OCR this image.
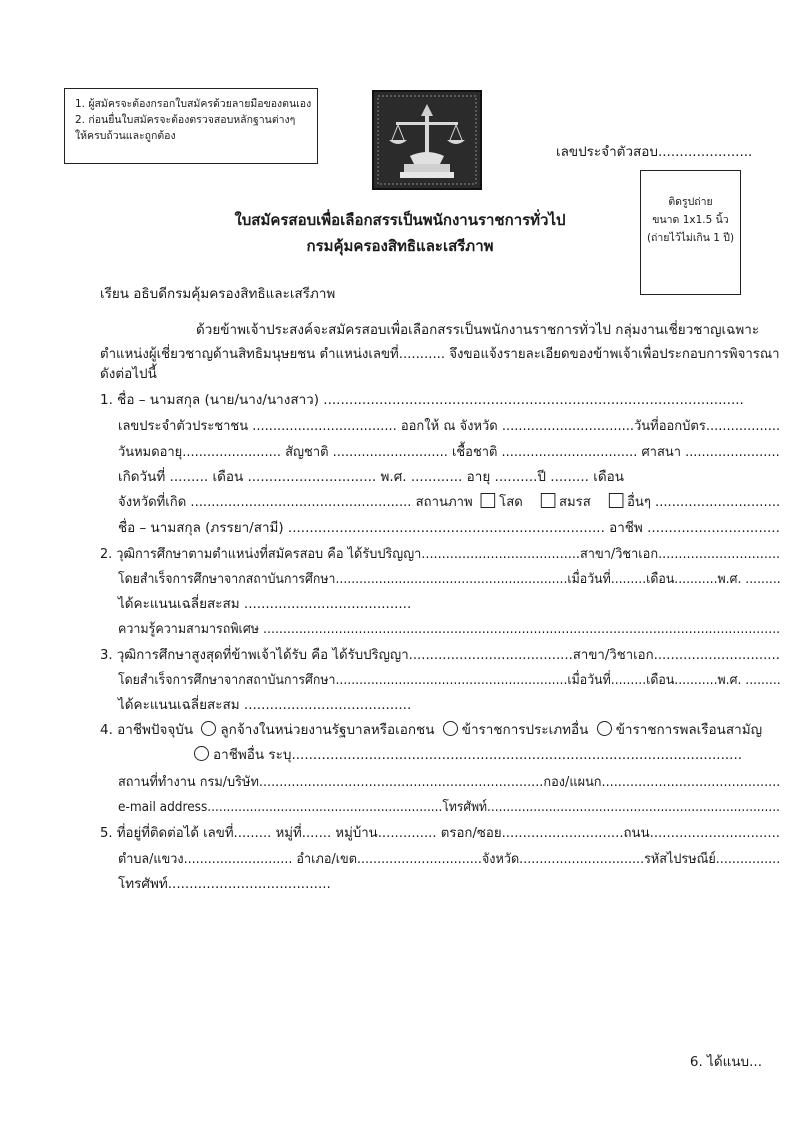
1. ผู้สมัครจะต้องกรอกใบสมัครด้วยลายมือของตนเอง
2. ก่อนยื่นใบสมัครจะต้องตรวจสอบหลักฐานต่างๆ
ให้ครบถ้วนและถูกต้อง
เลขประจำตัวสอบ......................
ติดรูปถ่าย
ขนาด 1x1.5 นิ้ว
(ถ่ายไว้ไม่เกิน 1 ปี)
ใบสมัครสอบเพื่อเลือกสรรเป็นพนักงานราชการทั่วไป
กรมคุ้มครองสิทธิและเสรีภาพ
เรียน อธิบดีกรมคุ้มครองสิทธิและเสรีภาพ
ด้วยข้าพเจ้าประสงค์จะสมัครสอบเพื่อเลือกสรรเป็นพนักงานราชการทั่วไป กลุ่มงานเชี่ยวชาญเฉพาะ
ตำแหน่งผู้เชี่ยวชาญด้านสิทธิมนุษยชน ตำแหน่งเลขที่........... จึงขอแจ้งรายละเอียดของข้าพเจ้าเพื่อประกอบการพิจารณา
ดังต่อไปนี้
1. ชื่อ – นามสกุล (นาย/นาง/นางสาว) ..................................................................................................
เลขประจำตัวประชาชน ................................... ออกให้ ณ จังหวัด ................................วันที่ออกบัตร..................
วันหมดอายุ........................ สัญชาติ ............................ เชื้อชาติ ................................. ศาสนา .......................
เกิดวันที่ ......... เดือน .............................. พ.ศ. ............ อายุ ..........ปี ......... เดือน
จังหวัดที่เกิด ..................................................... สถานภาพ โสด	สมรส	อื่นๆ ..............................
ชื่อ – นามสกุล (ภรรยา/สามี) .......................................................................... อาชีพ ...............................
2. วุฒิการศึกษาตามตำแหน่งที่สมัครสอบ คือ ได้รับปริญญา.......................................สาขา/วิชาเอก..............................
โดยสำเร็จการศึกษาจากสถาบันการศึกษา...........................................................เมื่อวันที่.........เดือน...........พ.ศ. .........
ได้คะแนนเฉลี่ยสะสม .......................................
ความรู้ความสามารถพิเศษ ..................................................................................................................................
3. วุฒิการศึกษาสูงสุดที่ข้าพเจ้าได้รับ คือ ได้รับปริญญา.......................................สาขา/วิชาเอก..............................
โดยสำเร็จการศึกษาจากสถาบันการศึกษา...........................................................เมื่อวันที่.........เดือน...........พ.ศ. .........
ได้คะแนนเฉลี่ยสะสม .......................................
4. อาชีพปัจจุบัน ลูกจ้างในหน่วยงานรัฐบาลหรือเอกชน ข้าราชการประเภทอื่น ข้าราชการพลเรือนสามัญ
อาชีพอื่น ระบุ.........................................................................................................
สถานที่ทำงาน กรม/บริษัท......................................................................กอง/แผนก............................................
e-mail address.............................................................โทรศัพท์............................................................................
5. ที่อยู่ที่ติดต่อได้ เลขที่......... หมู่ที่....... หมู่บ้าน.............. ตรอก/ซอย.............................ถนน...............................
ตำบล/แขวง........................... อำเภอ/เขต...............................จังหวัด...............................รหัสไปรษณีย์................
โทรศัพท์......................................
6. ได้แนบ...
